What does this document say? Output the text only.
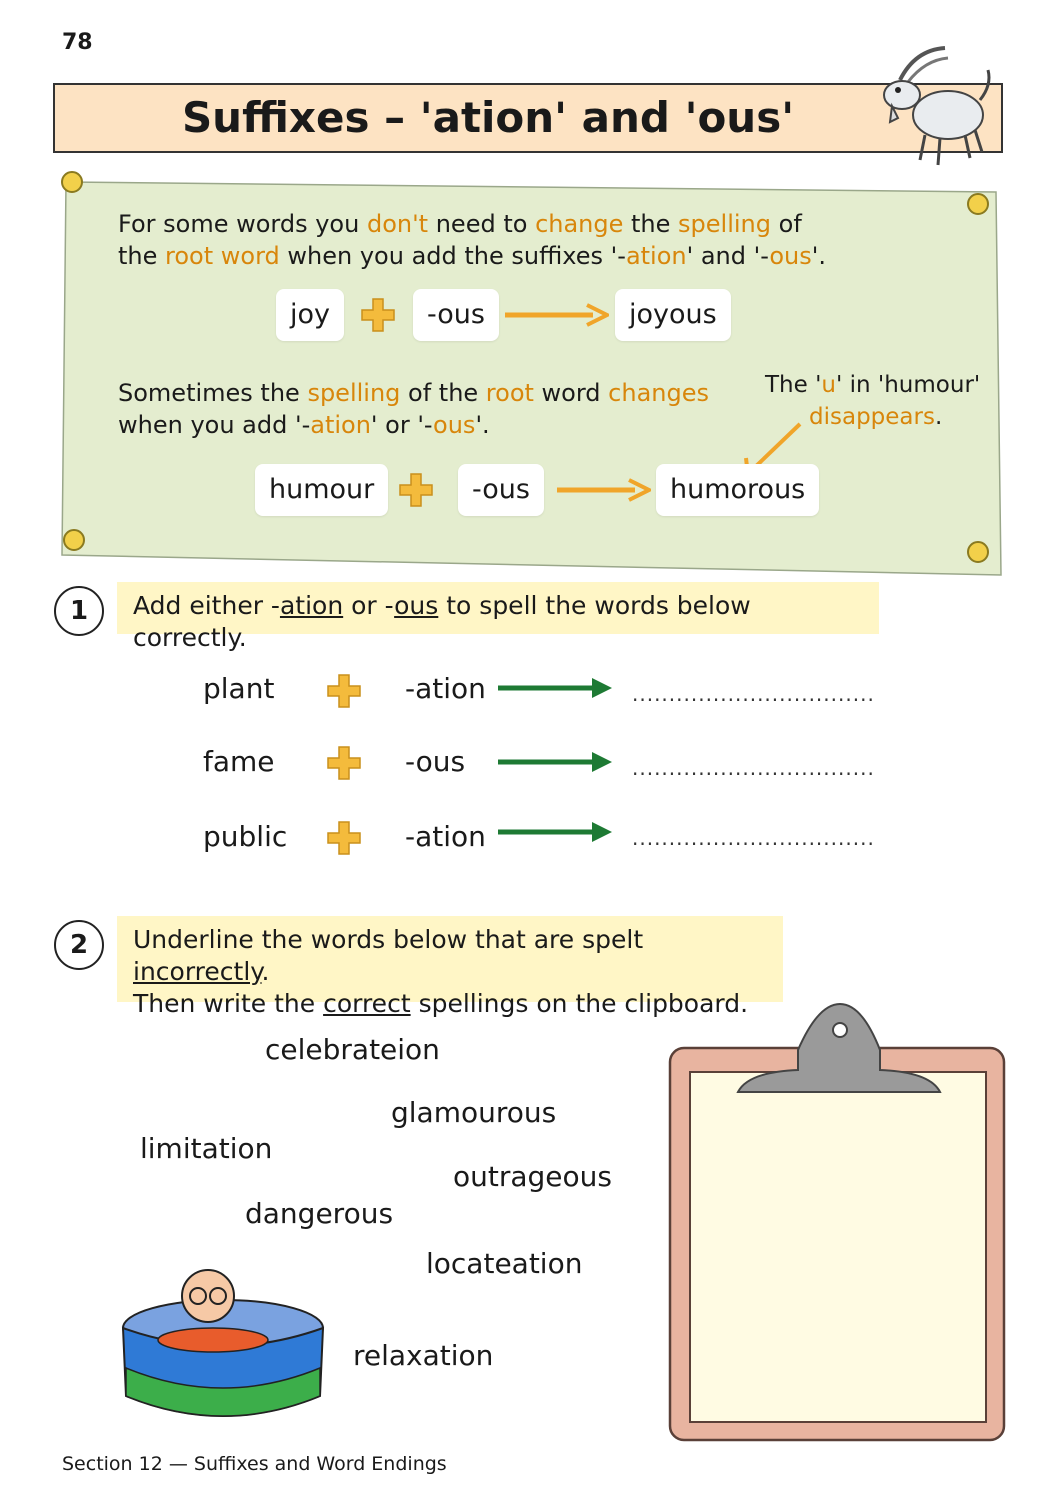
78
Suffixes – 'ation' and 'ous'
For some words you don't need to change the spelling of
the root word when you add the suffixes '-ation' and '-ous'.
joy	-ous	joyous
Sometimes the spelling of the root word changes
when you add '-ation' or '-ous'.
The 'u' in 'humour'
disappears.
humour	-ous	humorous
1	Add either -ation or -ous to spell the words below correctly.
plant	-ation	.................................
fame	-ous	.................................
public	-ation	.................................
2	Underline the words below that are spelt incorrectly.
Then write the correct spellings on the clipboard.
celebrateion
glamourous
limitation
outrageous
dangerous
locateation
relaxation
Section 12 — Suffixes and Word Endings
